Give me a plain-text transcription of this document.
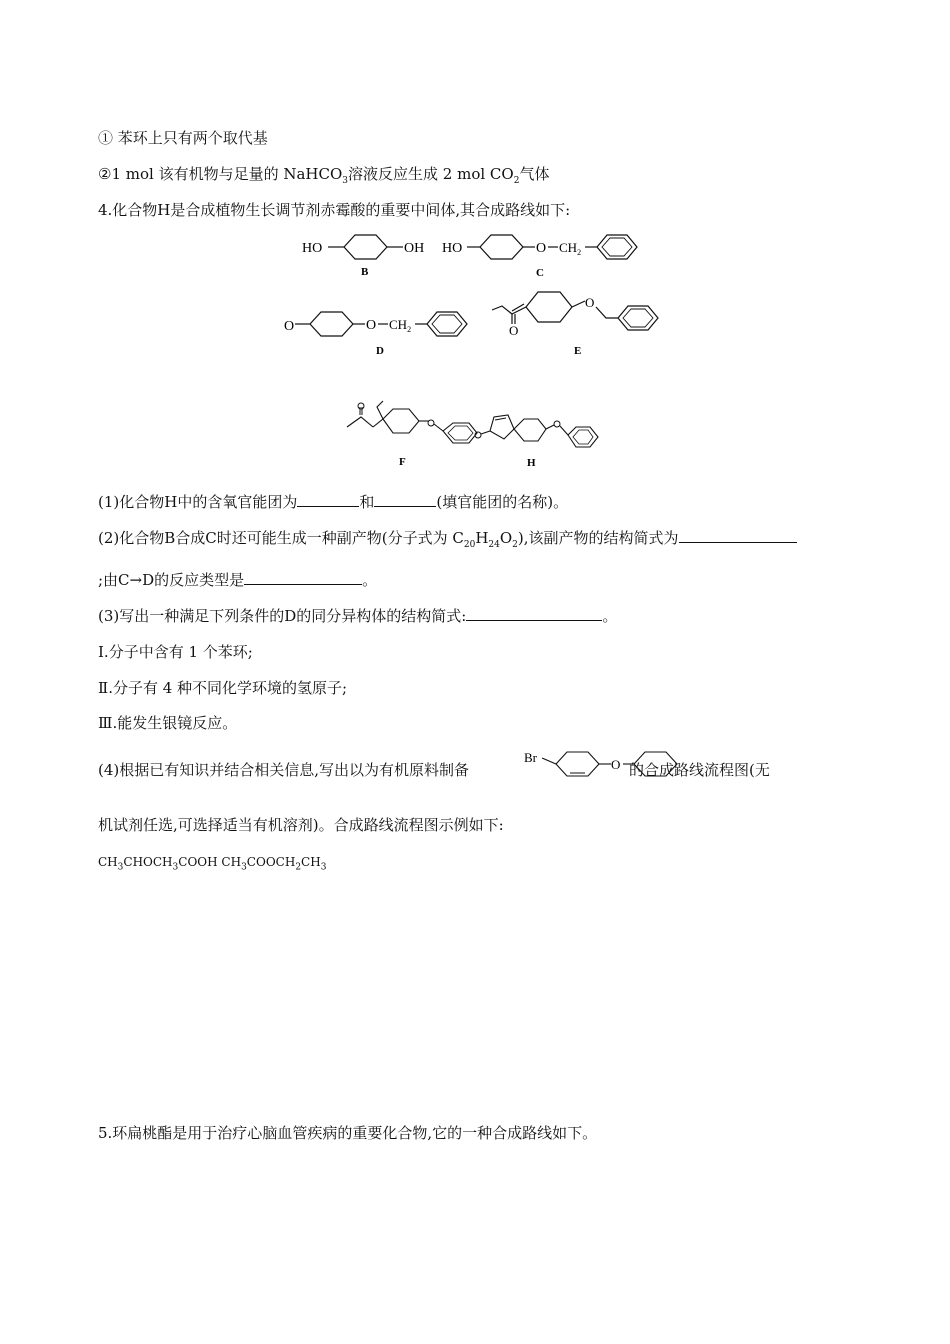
① 苯环上只有两个取代基
②1 mol 该有机物与足量的 NaHCO$_3$溶液反应生成 2 mol $CO_2$气体
4.化合物H是合成植物生长调节剂赤霉酸的重要中间体,其合成路线如下:
HO	OH
B
HO	O $CH_2$
C
O	O $CH_2$
D
O
O
E
F	H
(1)化合物H中的含氧官能团为	和	(填官能团的名称)。
(2)化合物B合成C时还可能生成一种副产物(分子式为 $C_{20}H_{24}O_2$),该副产物的结构简式为
;由C→D的反应类型是	。
(3)写出一种满足下列条件的D的同分异构体的结构简式:	。
Ⅰ.分子中含有 1 个苯环;
Ⅱ.分子有 4 种不同化学环境的氢原子;
Ⅲ.能发生银镜反应。
(4)根据已有知识并结合相关信息,写出以为有机原料制备	的合成路线流程图(无
Br	O
机试剂任选,可选择适当有机溶剂)。合成路线流程图示例如下:
$CH_3CHOCH_3COOH$ $CH_3COOCH_2CH_3$
5.环扁桃酯是用于治疗心脑血管疾病的重要化合物,它的一种合成路线如下。
